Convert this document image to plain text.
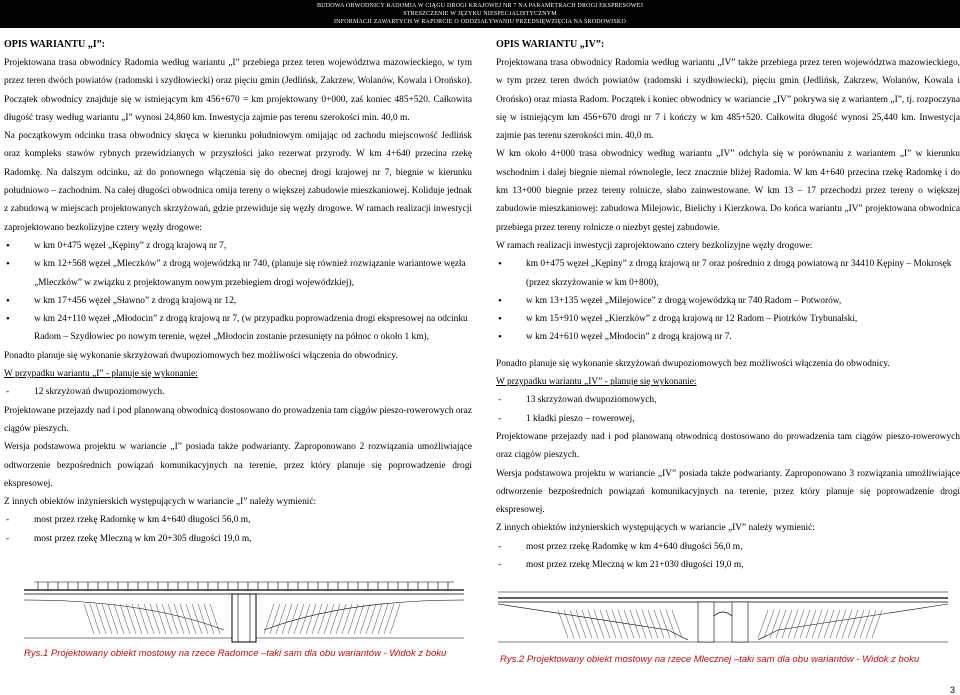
BUDOWA OBWODNICY RADOMIA W CIĄGU DROGI KRAJOWEJ NR 7 NA PARAMETRACH DROGI EKSPRESOWEJ
STRESZCZENIE W JĘZYKU NIESPECJALISTYCZNYM
INFORMACJI ZAWARTYCH W RAPORCIE O ODDZIAŁYWANIU PRZEDSIĘWZIĘCIA NA ŚRODOWISKO

OPIS WARIANTU „I”:

Projektowana trasa obwodnicy Radomia według wariantu „I” przebiega przez teren województwa mazowieckiego, w tym przez teren dwóch powiatów (radomski i szydłowiecki) oraz pięciu gmin (Jedlińsk, Zakrzew, Wolanów, Kowala i Orońsko). Początek obwodnicy znajduje się w istniejącym km 456+670 = km projektowany 0+000, zaś koniec 485+520. Całkowita długość trasy według wariantu „I” wynosi 24,860 km. Inwestycja zajmie pas terenu szerokości min. 40,0 m.

Na początkowym odcinku trasa obwodnicy skręca w kierunku południowym omijając od zachodu miejscowość Jedlińsk oraz kompleks stawów rybnych przewidzianych w przyszłości jako rezerwat przyrody. W km 4+640 przecina rzekę Radomkę. Na dalszym odcinku, aż do ponownego włączenia się do obecnej drogi krajowej nr 7, biegnie w kierunku południowo – zachodnim. Na całej długości obwodnica omija tereny o większej zabudowie mieszkaniowej. Koliduje jednak z zabudową w miejscach projektowanych skrzyżowań, gdzie przewiduje się węzły drogowe. W ramach realizacji inwestycji zaprojektowano bezkolizyjne cztery węzły drogowe:

• w km 0+475 węzeł „Kępiny” z drogą krajową nr 7,

• w km 12+568 węzeł „Mleczków” z drogą wojewódzką nr 740, (planuje się również rozwiązanie wariantowe węzła „Mleczków” w związku z projektowanym nowym przebiegiem drogi wojewódzkiej),

• w km 17+456 węzeł „Sławno” z drogą krajową nr 12,

• w km 24+110 węzeł „Młodocin” z drogą krajową nr 7, (w przypadku poprowadzenia drogi ekspresowej na odcinku Radom – Szydłowiec po nowym terenie, węzeł „Młodocin zostanie przesunięty na północ o około 1 km),

Ponadto planuje się wykonanie skrzyżowań dwupoziomowych bez możliwości włączenia do obwodnicy.

W przypadku wariantu „I” - planuje się wykonanie:

- 12 skrzyżowań dwupoziomowych.

Projektowane przejazdy nad i pod planowaną obwodnicą dostosowano do prowadzenia tam ciągów pieszo-rowerowych oraz ciągów pieszych.

Wersja podstawowa projektu w wariancie „I” posiada także podwarianty. Zaproponowano 2 rozwiązania umożliwiające odtworzenie bezpośrednich powiązań komunikacyjnych na terenie, przez który planuje się poprowadzenie drogi ekspresowej.

Z innych obiektów inżynierskich występujących w wariancie „I” należy wymienić:

- most przez rzekę Radomkę w km 4+640 długości 56,0 m,

- most przez rzekę Mleczną w km 20+305 długości 19,0 m,

OPIS WARIANTU „IV”:

Projektowana trasa obwodnicy Radomia według wariantu „IV” także przebiega przez teren województwa mazowieckiego, w tym przez teren dwóch powiatów (radomski i szydłowiecki), pięciu gmin (Jedlińsk, Zakrzew, Wolanów, Kowala i Orońsko) oraz miasta Radom. Początek i koniec obwodnicy w wariancie „IV” pokrywa się z wariantem „I”, tj. rozpoczyna się w istniejącym km 456+670 drogi nr 7 i kończy w km 485+520. Całkowita długość wynosi 25,440 km. Inwestycja zajmie pas terenu szerokości min. 40,0 m.

W km około 4+000 trasa obwodnicy według wariantu „IV” odchyla się w porównaniu z wariantem „I” w kierunku wschodnim i dalej biegnie niemal równolegle, lecz znacznie bliżej Radomia. W km 4+640 przecina rzekę Radomkę i do km 13+000 biegnie przez tereny rolnicze, słabo zainwestowane. W km 13 – 17 przechodzi przez tereny o większej zabudowie mieszkaniowej: zabudowa Milejowic, Bielichy i Kierzkowa. Do końca wariantu „IV” projektowana obwodnica przebiega przez tereny rolnicze o niezbyt gęstej zabudowie.

W ramach realizacji inwestycji zaprojektowano cztery bezkolizyjne węzły drogowe:

• km 0+475 węzeł „Kępiny” z drogą krajową nr 7 oraz pośrednio z drogą powiatową nr 34410 Kępiny – Mokrosęk (przez skrzyżowanie w km 0+800),

• w km 13+135 węzeł „Milejowice” z drogą wojewódzką nr 740 Radom – Potworów,

• w km 15+910 węzeł „Kierzków” z drogą krajową nr 12 Radom – Piotrków Trybunalski,

• w km 24+610 węzeł „Młodocin” z drogą krajową nr 7.

Ponadto planuje się wykonanie skrzyżowań dwupoziomowych bez możliwości włączenia do obwodnicy.

W przypadku wariantu „IV” - planuje się wykonanie:

- 13 skrzyżowań dwupoziomowych,

- 1 kładki pieszo – rowerowej,

Projektowane przejazdy nad i pod planowaną obwodnicą dostosowano do prowadzenia tam ciągów pieszo-rowerowych oraz ciągów pieszych.

Wersja podstawowa projektu w wariancie „IV” posiada także podwarianty. Zaproponowano 3 rozwiązania umożliwiające odtworzenie bezpośrednich powiązań komunikacyjnych na terenie, przez który planuje się poprowadzenie drogi ekspresowej.

Z innych obiektów inżynierskich występujących w wariancie „IV” należy wymienić:

- most przez rzekę Radomkę w km 4+640 długości 56,0 m,

- most przez rzekę Mleczną w km 21+030 długości 19,0 m,

Rys.1 Projektowany obiekt mostowy na rzece Radomce –taki sam dla obu wariantów - Widok z boku
Rys.2 Projektowany obiekt mostowy na rzece Mlecznej –taki sam dla obu wariantów - Widok z boku
3
